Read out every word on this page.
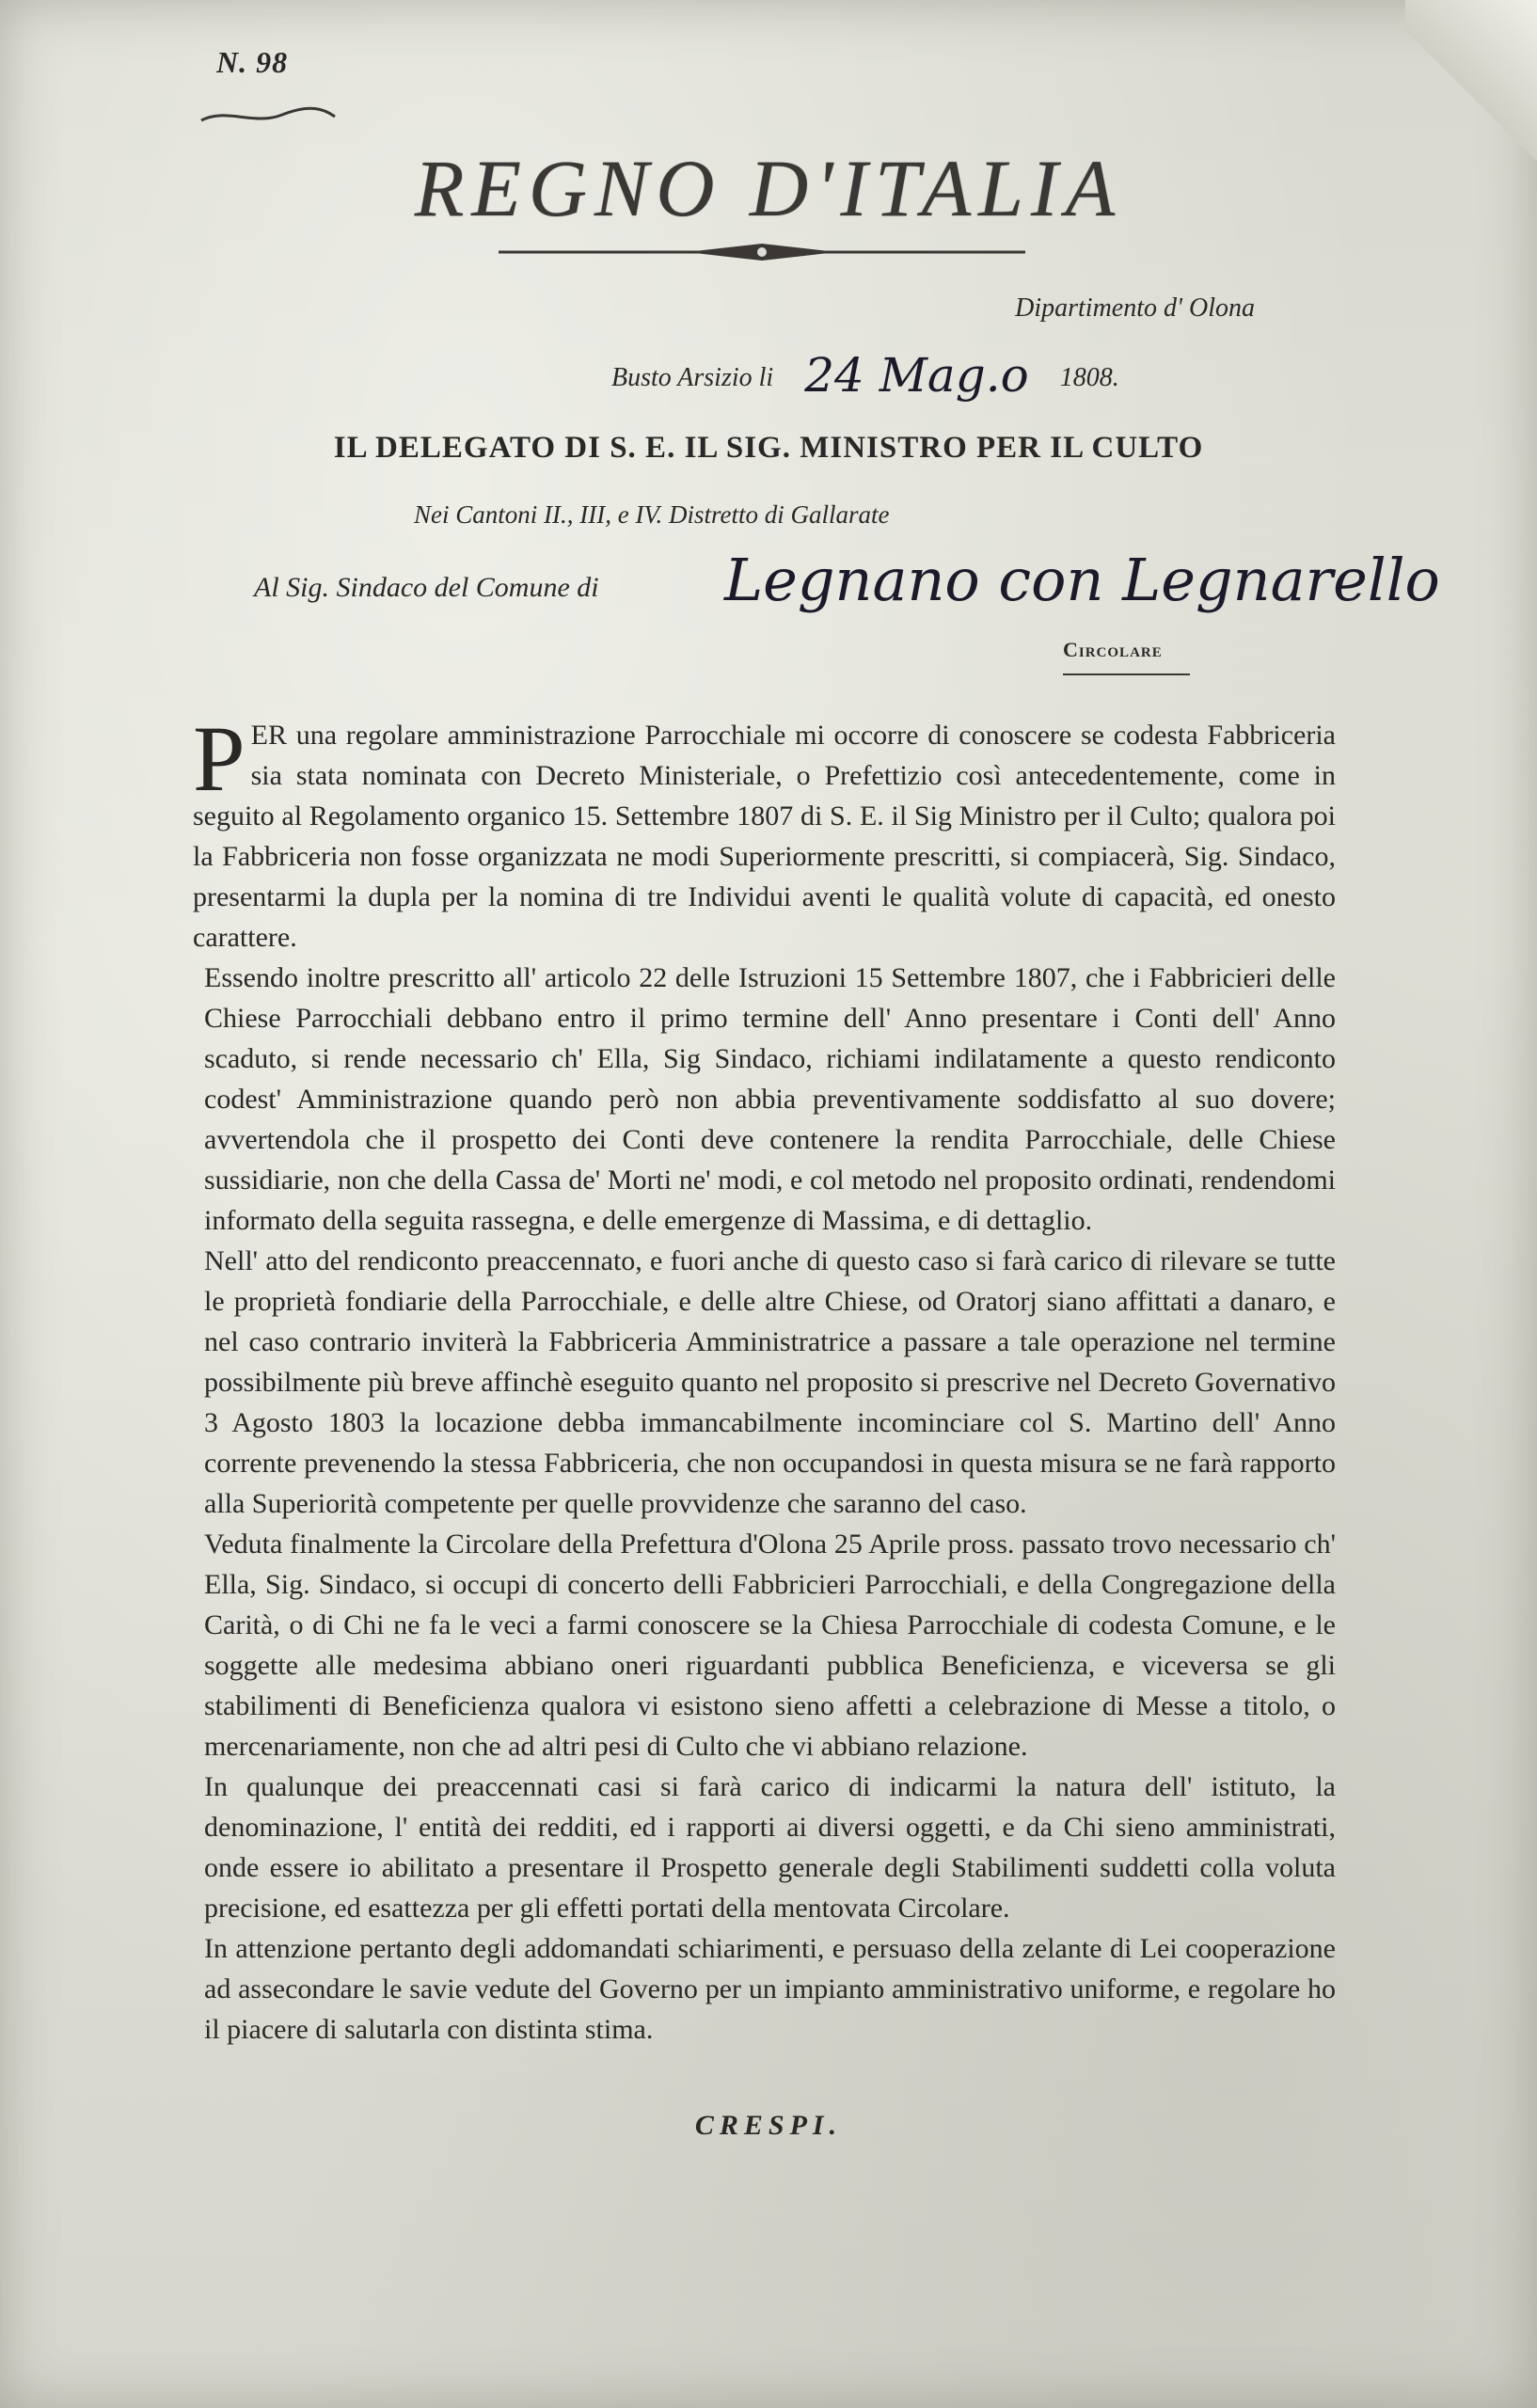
N. 98
REGNO D'ITALIA
Dipartimento d' Olona
Busto Arsizio li 24 Mag.o 1808.
IL DELEGATO DI S. E. IL SIG. MINISTRO PER IL CULTO
Nei Cantoni II., III, e IV. Distretto di Gallarate
Al Sig. Sindaco del Comune di Legnano con Legnarello
Circolare

PER una regolare amministrazione Parrocchiale mi occorre di conoscere se codesta Fabbriceria sia stata nominata con Decreto Ministeriale, o Prefettizio così antecedentemente, come in seguito al Regolamento organico 15. Settembre 1807 di S. E. il Sig Ministro per il Culto; qualora poi la Fabbriceria non fosse organizzata ne modi Superiormente prescritti, si compiacerà, Sig. Sindaco, presentarmi la dupla per la nomina di tre Individui aventi le qualità volute di capacità, ed onesto carattere.

Essendo inoltre prescritto all' articolo 22 delle Istruzioni 15 Settembre 1807, che i Fabbricieri delle Chiese Parrocchiali debbano entro il primo termine dell' Anno presentare i Conti dell' Anno scaduto, si rende necessario ch' Ella, Sig Sindaco, richiami indilatamente a questo rendiconto codest' Amministrazione quando però non abbia preventivamente soddisfatto al suo dovere; avvertendola che il prospetto dei Conti deve contenere la rendita Parrocchiale, delle Chiese sussidiarie, non che della Cassa de' Morti ne' modi, e col metodo nel proposito ordinati, rendendomi informato della seguita rassegna, e delle emergenze di Massima, e di dettaglio.

Nell' atto del rendiconto preaccennato, e fuori anche di questo caso si farà carico di rilevare se tutte le proprietà fondiarie della Parrocchiale, e delle altre Chiese, od Oratorj siano affittati a danaro, e nel caso contrario inviterà la Fabbriceria Amministratrice a passare a tale operazione nel termine possibilmente più breve affinchè eseguito quanto nel proposito si prescrive nel Decreto Governativo 3 Agosto 1803 la locazione debba immancabilmente incominciare col S. Martino dell' Anno corrente prevenendo la stessa Fabbriceria, che non occupandosi in questa misura se ne farà rapporto alla Superiorità competente per quelle provvidenze che saranno del caso.

Veduta finalmente la Circolare della Prefettura d'Olona 25 Aprile pross. passato trovo necessario ch' Ella, Sig. Sindaco, si occupi di concerto delli Fabbricieri Parrocchiali, e della Congregazione della Carità, o di Chi ne fa le veci a farmi conoscere se la Chiesa Parrocchiale di codesta Comune, e le soggette alle medesima abbiano oneri riguardanti pubblica Beneficienza, e viceversa se gli stabilimenti di Beneficienza qualora vi esistono sieno affetti a celebrazione di Messe a titolo, o mercenariamente, non che ad altri pesi di Culto che vi abbiano relazione.

In qualunque dei preaccennati casi si farà carico di indicarmi la natura dell' istituto, la denominazione, l' entità dei redditi, ed i rapporti ai diversi oggetti, e da Chi sieno amministrati, onde essere io abilitato a presentare il Prospetto generale degli Stabilimenti suddetti colla voluta precisione, ed esattezza per gli effetti portati della mentovata Circolare.

In attenzione pertanto degli addomandati schiarimenti, e persuaso della zelante di Lei cooperazione ad assecondare le savie vedute del Governo per un impianto amministrativo uniforme, e regolare ho il piacere di salutarla con distinta stima.

CRESPI.
